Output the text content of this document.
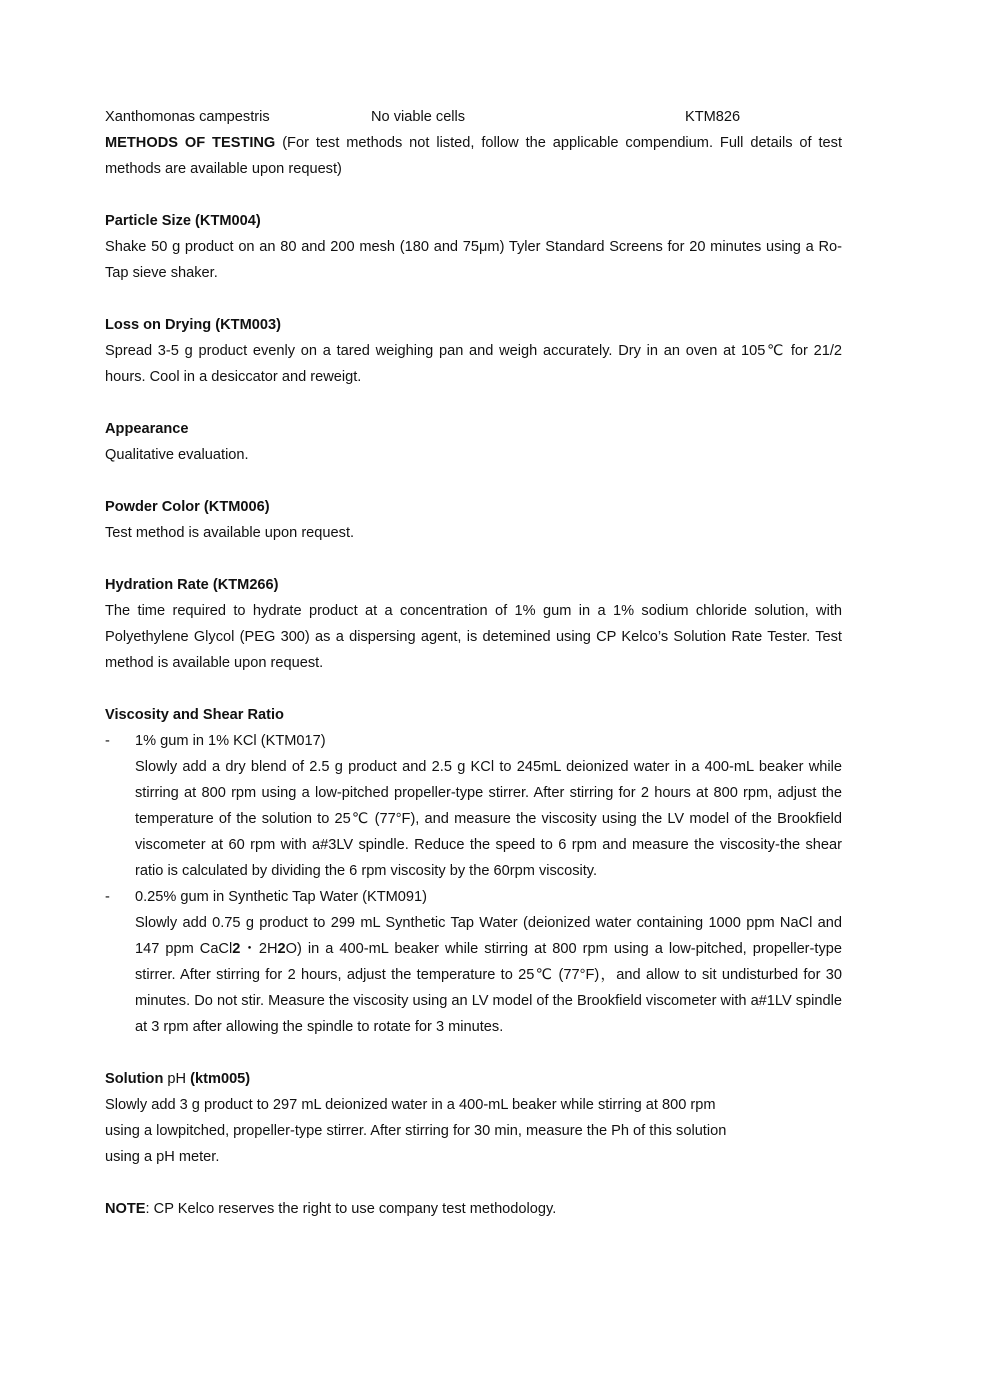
Xanthomonas campestris	No viable cells	KTM826

METHODS OF TESTING (For test methods not listed, follow the applicable compendium. Full details of test methods are available upon request)

Particle Size (KTM004)

Shake 50 g product on an 80 and 200 mesh (180 and 75μm) Tyler Standard Screens for 20 minutes using a Ro-Tap sieve shaker.

Loss on Drying (KTM003)

Spread 3-5 g product evenly on a tared weighing pan and weigh accurately. Dry in an oven at 105℃ for 21/2 hours. Cool in a desiccator and reweigt.

Appearance

Qualitative evaluation.

Powder Color (KTM006)

Test method is available upon request.

Hydration Rate (KTM266)

The time required to hydrate product at a concentration of 1% gum in a 1% sodium chloride solution, with Polyethylene Glycol (PEG 300) as a dispersing agent, is detemined using CP Kelco’s Solution Rate Tester. Test method is available upon request.

Viscosity and Shear Ratio

- 1% gum in 1% KCl (KTM017)

Slowly add a dry blend of 2.5 g product and 2.5 g KCl to 245mL deionized water in a 400-mL beaker while stirring at 800 rpm using a low-pitched propeller-type stirrer. After stirring for 2 hours at 800 rpm, adjust the temperature of the solution to 25℃ (77°F), and measure the viscosity using the LV model of the Brookfield viscometer at 60 rpm with a#3LV spindle. Reduce the speed to 6 rpm and measure the viscosity-the shear ratio is calculated by dividing the 6 rpm viscosity by the 60rpm viscosity.

- 0.25% gum in Synthetic Tap Water (KTM091)

Slowly add 0.75 g product to 299 mL Synthetic Tap Water (deionized water containing 1000 ppm NaCl and 147 ppm CaCl2・2H2O) in a 400-mL beaker while stirring at 800 rpm using a low-pitched, propeller-type stirrer. After stirring for 2 hours, adjust the temperature to 25℃ (77°F)，and allow to sit undisturbed for 30 minutes. Do not stir. Measure the viscosity using an LV model of the Brookfield viscometer with a#1LV spindle at 3 rpm after allowing the spindle to rotate for 3 minutes.

Solution pH (ktm005)

Slowly add 3 g product to 297 mL deionized water in a 400-mL beaker while stirring at 800 rpm

using a lowpitched, propeller-type stirrer. After stirring for 30 min, measure the Ph of this solution

using a pH meter.

NOTE: CP Kelco reserves the right to use company test methodology.
